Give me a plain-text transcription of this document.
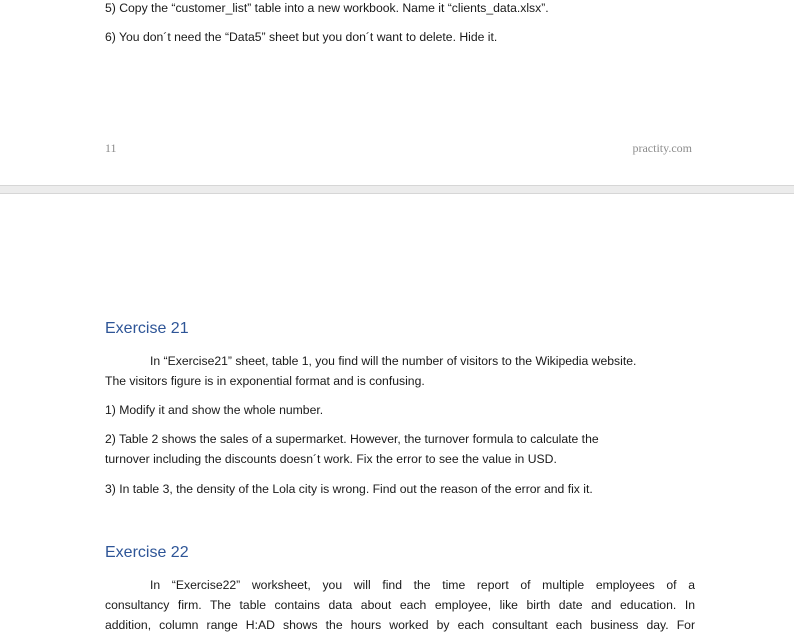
5) Copy the “customer_list” table into a new workbook. Name it “clients_data.xlsx”.
6) You don´t need the “Data5” sheet but you don´t want to delete. Hide it.
11	practity.com
Exercise 21
In “Exercise21” sheet, table 1, you find will the number of visitors to the Wikipedia website.
The visitors figure is in exponential format and is confusing.
1) Modify it and show the whole number.
2) Table 2 shows the sales of a supermarket. However, the turnover formula to calculate the
turnover including the discounts doesn´t work. Fix the error to see the value in USD.
3) In table 3, the density of the Lola city is wrong. Find out the reason of the error and fix it.
Exercise 22
In “Exercise22” worksheet, you will find the time report of multiple employees of a
consultancy firm. The table contains data about each employee, like birth date and education. In
addition, column range H:AD shows the hours worked by each consultant each business day. For
